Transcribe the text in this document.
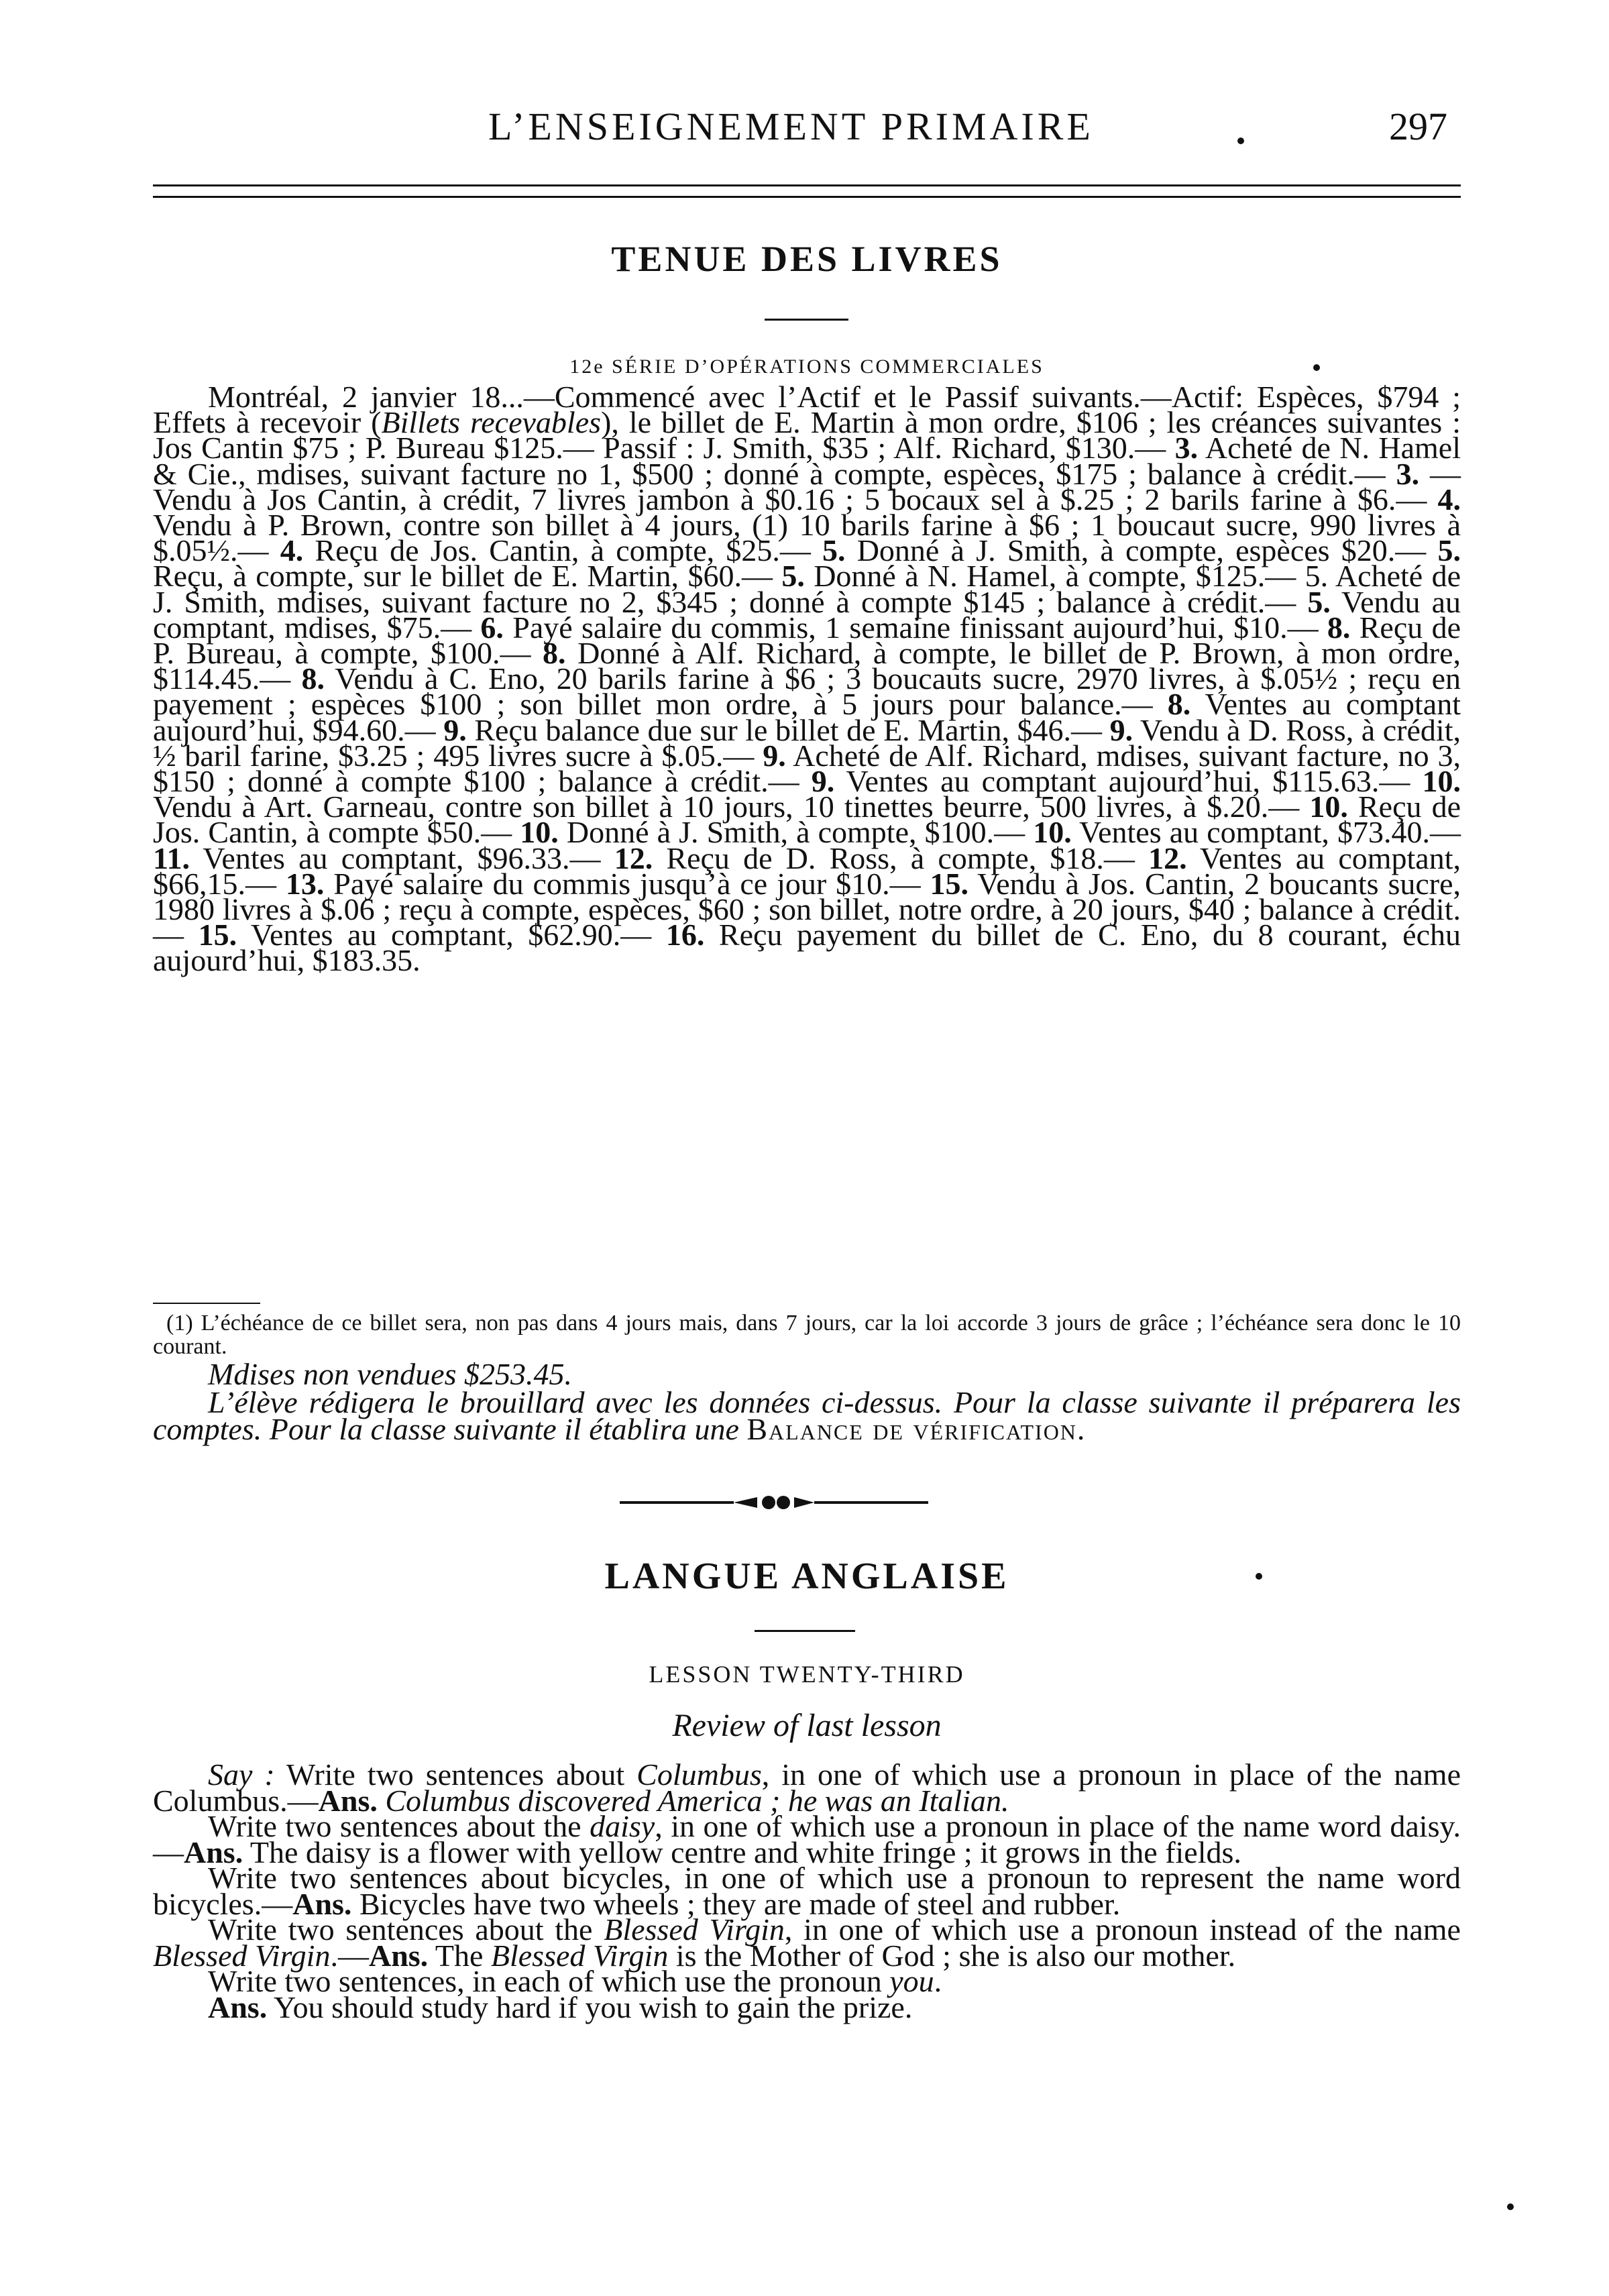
L’ENSEIGNEMENT PRIMAIRE	297
TENUE DES LIVRES
12e SÉRIE D’OPÉRATIONS COMMERCIALES

Montréal, 2 janvier 18...—Commencé avec l’Actif et le Passif suivants.—Actif: Espèces, $794 ; Effets à recevoir (Billets recevables), le billet de E. Martin à mon ordre, $106 ; les créances suivantes : Jos Cantin $75 ; P. Bureau $125.— Passif : J. Smith, $35 ; Alf. Richard, $130.— 3. Acheté de N. Hamel & Cie., mdises, suivant facture no 1, $500 ; donné à compte, espèces, $175 ; balance à crédit.— 3. — Vendu à Jos Cantin, à crédit, 7 livres jambon à $0.16 ; 5 bocaux sel à $.25 ; 2 barils farine à $6.— 4. Vendu à P. Brown, contre son billet à 4 jours, (1) 10 barils farine à $6 ; 1 boucaut sucre, 990 livres à $.05½.— 4. Reçu de Jos. Cantin, à compte, $25.— 5. Donné à J. Smith, à compte, espèces $20.— 5. Reçu, à compte, sur le billet de E. Martin, $60.— 5. Donné à N. Hamel, à compte, $125.— 5. Acheté de J. Smith, mdises, suivant facture no 2, $345 ; donné à compte $145 ; balance à crédit.— 5. Vendu au comptant, mdises, $75.— 6. Payé salaire du commis, 1 semaine finissant aujourd’hui, $10.— 8. Reçu de P. Bureau, à compte, $100.— 8. Donné à Alf. Richard, à compte, le billet de P. Brown, à mon ordre, $114.45.— 8. Vendu à C. Eno, 20 barils farine à $6 ; 3 boucauts sucre, 2970 livres, à $.05½ ; reçu en payement ; espèces $100 ; son billet mon ordre, à 5 jours pour balance.— 8. Ventes au comptant aujourd’hui, $94.60.— 9. Reçu balance due sur le billet de E. Martin, $46.— 9. Vendu à D. Ross, à crédit, ½ baril farine, $3.25 ; 495 livres sucre à $.05.— 9. Acheté de Alf. Richard, mdises, suivant facture, no 3, $150 ; donné à compte $100 ; balance à crédit.— 9. Ventes au comptant aujourd’hui, $115.63.— 10. Vendu à Art. Garneau, contre son billet à 10 jours, 10 tinettes beurre, 500 livres, à $.20.— 10. Reçu de Jos. Cantin, à compte $50.— 10. Donné à J. Smith, à compte, $100.— 10. Ventes au comptant, $73.40.— 11. Ventes au comptant, $96.33.— 12. Reçu de D. Ross, à compte, $18.— 12. Ventes au comptant, $66,15.— 13. Payé salaire du commis jusqu’à ce jour $10.— 15. Vendu à Jos. Cantin, 2 boucants sucre, 1980 livres à $.06 ; reçu à compte, espèces, $60 ; son billet, notre ordre, à 20 jours, $40 ; balance à crédit.— 15. Ventes au comptant, $62.90.— 16. Reçu payement du billet de C. Eno, du 8 courant, échu aujourd’hui, $183.35.

(1) L’échéance de ce billet sera, non pas dans 4 jours mais, dans 7 jours, car la loi accorde 3 jours de grâce ; l’échéance sera donc le 10 courant.

Mdises non vendues $253.45.

L’élève rédigera le brouillard avec les données ci-dessus. Pour la classe suivante il préparera les comptes. Pour la classe suivante il établira une Balance de vérification.

LANGUE ANGLAISE
LESSON TWENTY-THIRD
Review of last lesson

Say : Write two sentences about Columbus, in one of which use a pronoun in place of the name Columbus.—Ans. Columbus discovered America ; he was an Italian.

Write two sentences about the daisy, in one of which use a pronoun in place of the name word daisy.—Ans. The daisy is a flower with yellow centre and white fringe ; it grows in the fields.

Write two sentences about bicycles, in one of which use a pronoun to represent the name word bicycles.—Ans. Bicycles have two wheels ; they are made of steel and rubber.

Write two sentences about the Blessed Virgin, in one of which use a pronoun instead of the name Blessed Virgin.—Ans. The Blessed Virgin is the Mother of God ; she is also our mother.

Write two sentences, in each of which use the pronoun you.

Ans. You should study hard if you wish to gain the prize.
